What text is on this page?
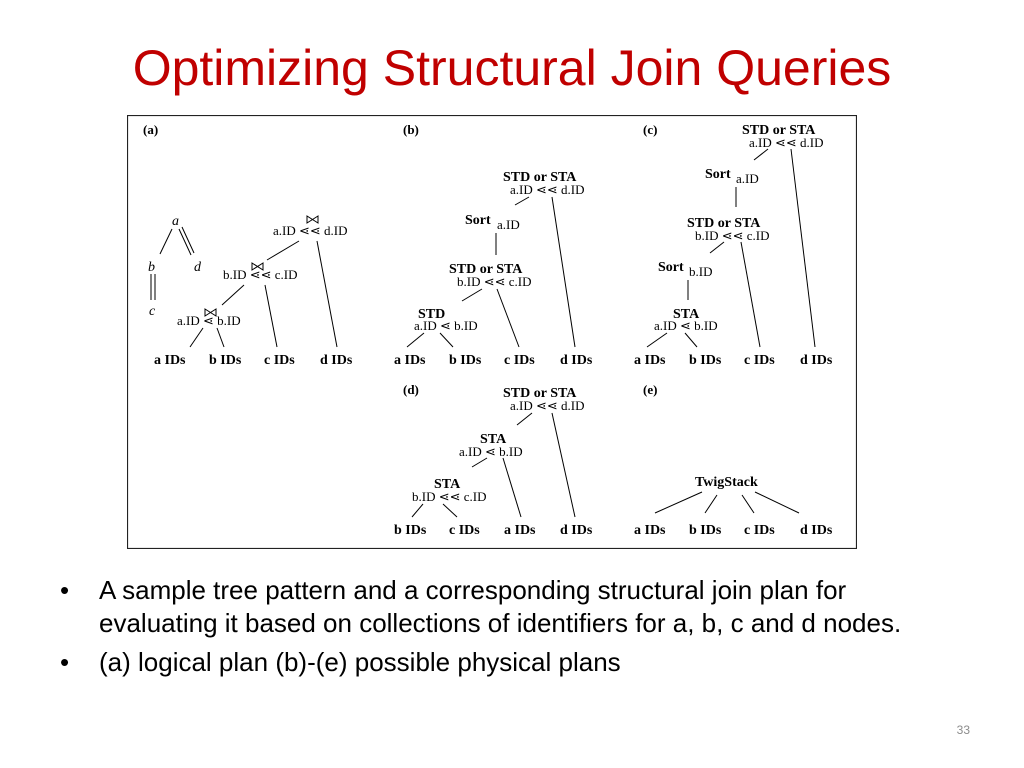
Optimizing Structural Join Queries
(a)	(b)	(c)
(d)	(e)
a
b	d
c
a.ID ⋖⋖ d.ID
b.ID ⋖⋖ c.ID
a.ID ⋖ b.ID
a IDs b IDs c IDs d IDs
STD or STA
a.ID ⋖⋖ d.ID
Sort a.ID
STD or STA
b.ID ⋖⋖ c.ID
STD
a.ID ⋖ b.ID
a IDs b IDs c IDs d IDs
STD or STA
a.ID ⋖⋖ d.ID
Sort a.ID
STD or STA
b.ID ⋖⋖ c.ID
Sort b.ID
STA
a.ID ⋖ b.ID
a IDs b IDs c IDs d IDs
STD or STA
a.ID ⋖⋖ d.ID
STA
a.ID ⋖ b.ID
STA
b.ID ⋖⋖ c.ID
b IDs c IDs a IDs d IDs
TwigStack
a IDs b IDs c IDs d IDs
• A sample tree pattern and a corresponding structural join plan for evaluating it based on collections of identifiers for a, b, c and d nodes.
• (a) logical plan (b)-(e) possible physical plans
33
